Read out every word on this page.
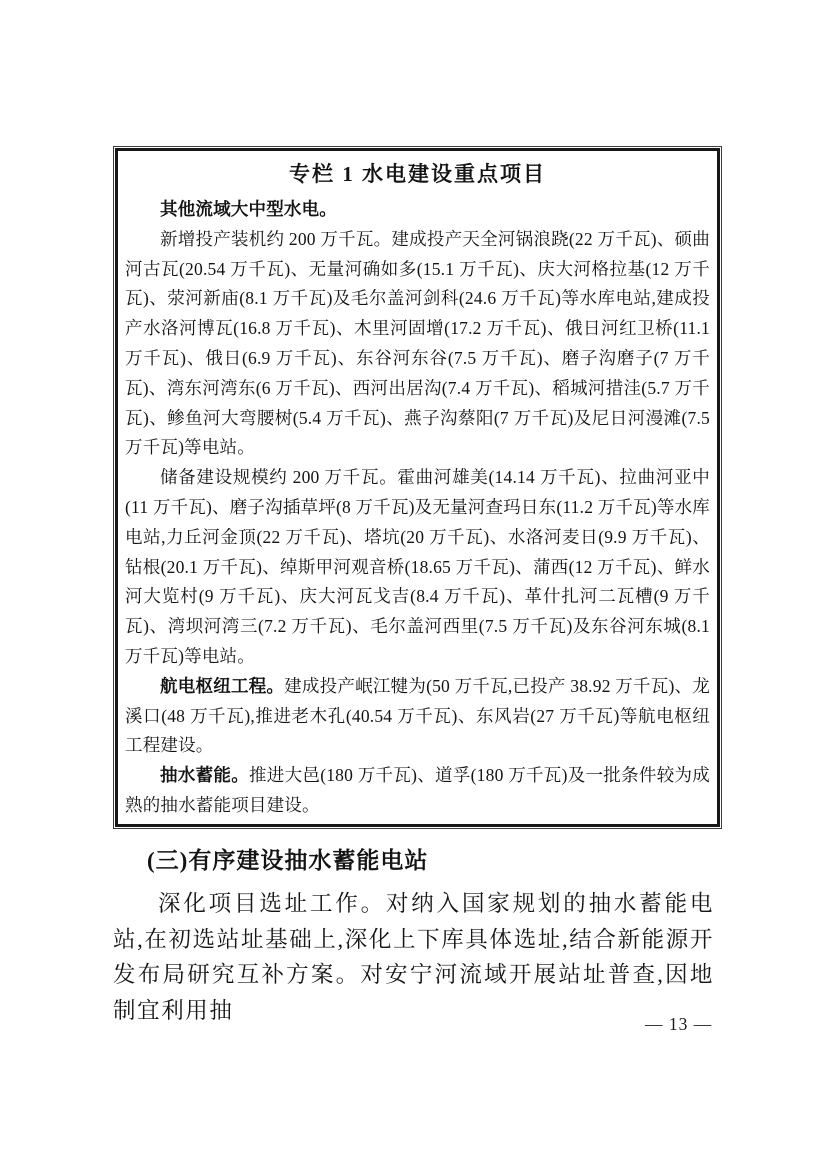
专栏 1 水电建设重点项目

其他流域大中型水电。

新增投产装机约 200 万千瓦。建成投产天全河锅浪跷(22 万千瓦)、硕曲河古瓦(20.54 万千瓦)、无量河确如多(15.1 万千瓦)、庆大河格拉基(12 万千瓦)、荥河新庙(8.1 万千瓦)及毛尔盖河剑科(24.6 万千瓦)等水库电站,建成投产水洛河博瓦(16.8 万千瓦)、木里河固增(17.2 万千瓦)、俄日河红卫桥(11.1 万千瓦)、俄日(6.9 万千瓦)、东谷河东谷(7.5 万千瓦)、磨子沟磨子(7 万千瓦)、湾东河湾东(6 万千瓦)、西河出居沟(7.4 万千瓦)、稻城河措洼(5.7 万千瓦)、鲹鱼河大弯腰树(5.4 万千瓦)、燕子沟蔡阳(7 万千瓦)及尼日河漫滩(7.5 万千瓦)等电站。

储备建设规模约 200 万千瓦。霍曲河雄美(14.14 万千瓦)、拉曲河亚中(11 万千瓦)、磨子沟插草坪(8 万千瓦)及无量河查玛日东(11.2 万千瓦)等水库电站,力丘河金顶(22 万千瓦)、塔坑(20 万千瓦)、水洛河麦日(9.9 万千瓦)、钻根(20.1 万千瓦)、绰斯甲河观音桥(18.65 万千瓦)、蒲西(12 万千瓦)、鲜水河大览村(9 万千瓦)、庆大河瓦戈吉(8.4 万千瓦)、革什扎河二瓦槽(9 万千瓦)、湾坝河湾三(7.2 万千瓦)、毛尔盖河西里(7.5 万千瓦)及东谷河东城(8.1 万千瓦)等电站。

航电枢纽工程。建成投产岷江犍为(50 万千瓦,已投产 38.92 万千瓦)、龙溪口(48 万千瓦),推进老木孔(40.54 万千瓦)、东风岩(27 万千瓦)等航电枢纽工程建设。

抽水蓄能。推进大邑(180 万千瓦)、道孚(180 万千瓦)及一批条件较为成熟的抽水蓄能项目建设。

(三)有序建设抽水蓄能电站

深化项目选址工作。对纳入国家规划的抽水蓄能电站,在初选站址基础上,深化上下库具体选址,结合新能源开发布局研究互补方案。对安宁河流域开展站址普查,因地制宜利用抽

— 13 —
